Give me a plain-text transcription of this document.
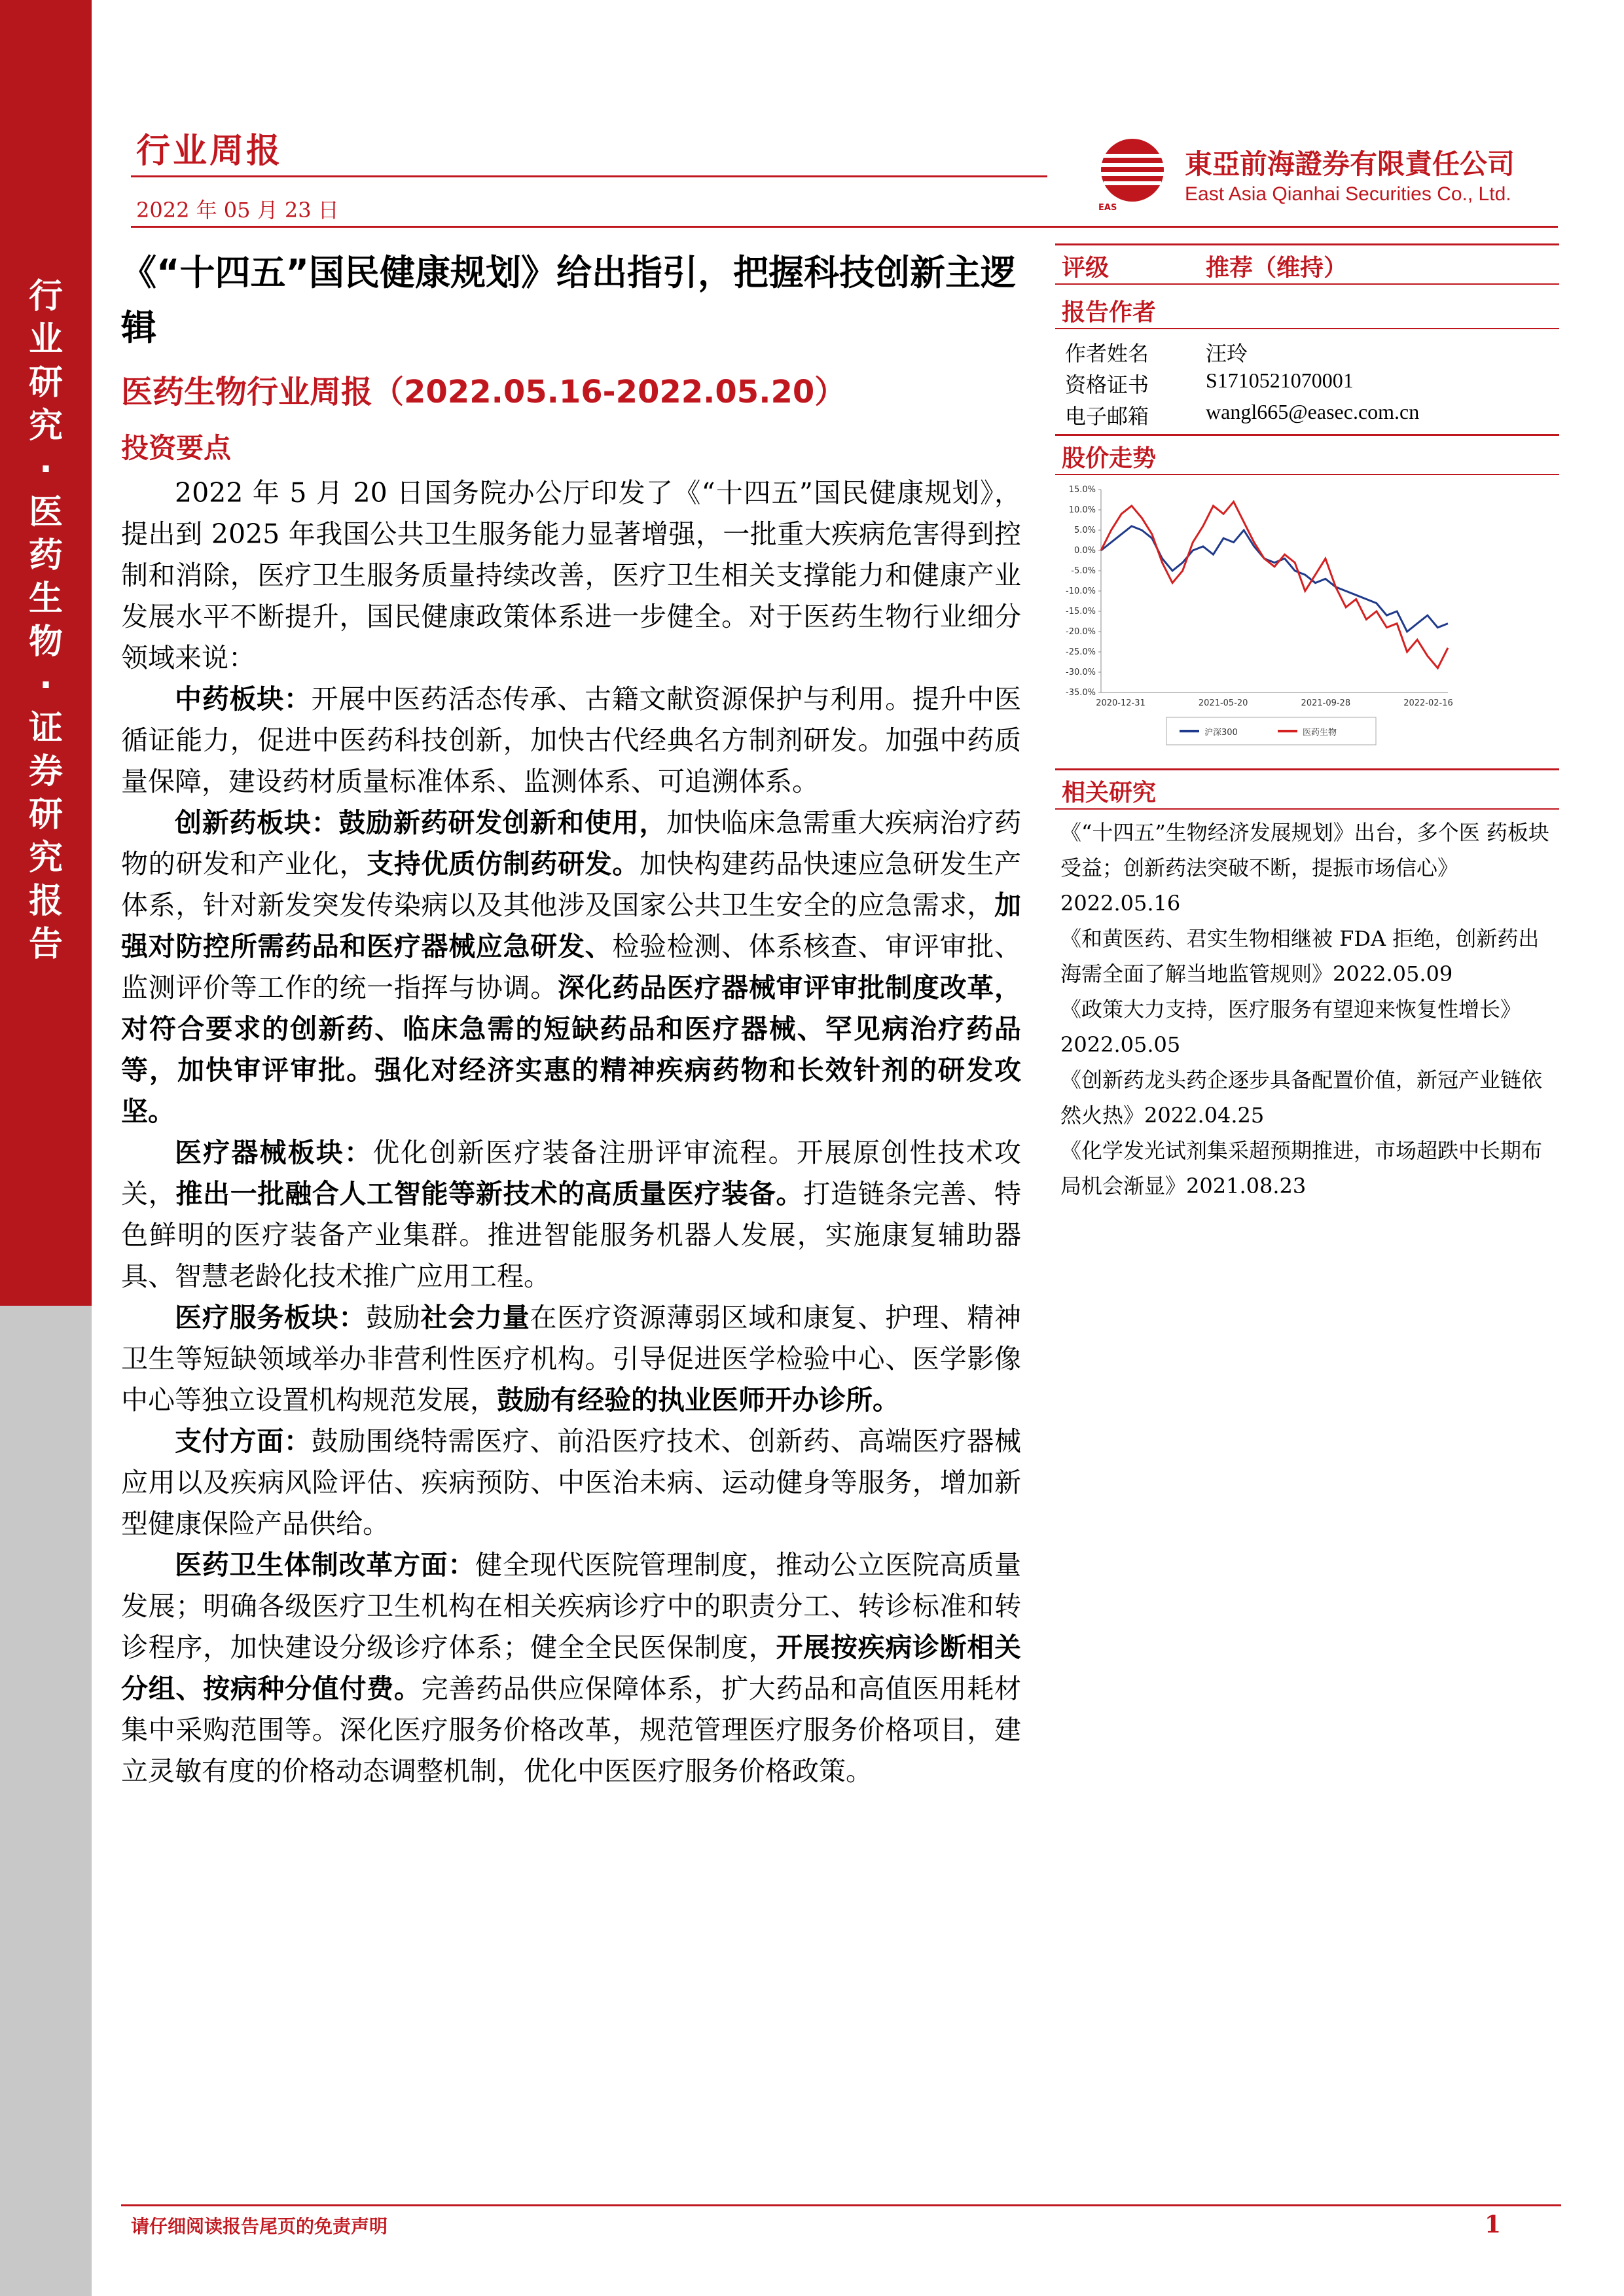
行
业
研
究
·
医
药
生
物
·
证
券
研
究
报
告
行业周报
2022 年 05 月 23 日	EAS
東亞前海證券有限責任公司
East Asia Qianhai Securities Co., Ltd.
《“十四五”国民健康规划》给出指引，把握科技创新主逻辑
医药生物行业周报（2022.05.16-2022.05.20）
投资要点

2022 年 5 月 20 日国务院办公厅印发了《“十四五”国民健康规划》，提出到 2025 年我国公共卫生服务能力显著增强，一批重大疾病危害得到控制和消除，医疗卫生服务质量持续改善，医疗卫生相关支撑能力和健康产业发展水平不断提升，国民健康政策体系进一步健全。对于医药生物行业细分领域来说：

中药板块：开展中医药活态传承、古籍文献资源保护与利用。提升中医循证能力，促进中医药科技创新，加快古代经典名方制剂研发。加强中药质量保障，建设药材质量标准体系、监测体系、可追溯体系。

创新药板块：鼓励新药研发创新和使用，加快临床急需重大疾病治疗药物的研发和产业化，支持优质仿制药研发。加快构建药品快速应急研发生产体系，针对新发突发传染病以及其他涉及国家公共卫生安全的应急需求，加强对防控所需药品和医疗器械应急研发、检验检测、体系核查、审评审批、监测评价等工作的统一指挥与协调。深化药品医疗器械审评审批制度改革，对符合要求的创新药、临床急需的短缺药品和医疗器械、罕见病治疗药品等，加快审评审批。强化对经济实惠的精神疾病药物和长效针剂的研发攻坚。

医疗器械板块：优化创新医疗装备注册评审流程。开展原创性技术攻关，推出一批融合人工智能等新技术的高质量医疗装备。打造链条完善、特色鲜明的医疗装备产业集群。推进智能服务机器人发展，实施康复辅助器具、智慧老龄化技术推广应用工程。

医疗服务板块：鼓励社会力量在医疗资源薄弱区域和康复、护理、精神卫生等短缺领域举办非营利性医疗机构。引导促进医学检验中心、医学影像中心等独立设置机构规范发展，鼓励有经验的执业医师开办诊所。

支付方面：鼓励围绕特需医疗、前沿医疗技术、创新药、高端医疗器械应用以及疾病风险评估、疾病预防、中医治未病、运动健身等服务，增加新型健康保险产品供给。

医药卫生体制改革方面：健全现代医院管理制度，推动公立医院高质量发展；明确各级医疗卫生机构在相关疾病诊疗中的职责分工、转诊标准和转诊程序，加快建设分级诊疗体系；健全全民医保制度，开展按疾病诊断相关分组、按病种分值付费。完善药品供应保障体系，扩大药品和高值医用耗材集中采购范围等。深化医疗服务价格改革，规范管理医疗服务价格项目，建立灵敏有度的价格动态调整机制，优化中医医疗服务价格政策。

评级	推荐（维持）
报告作者
作者姓名	汪玲
资格证书	S1710521070001
电子邮箱	wangl665@easec.com.cn
股价走势
15.0%
10.0%
5.0%
0.0%
-5.0%
-10.0%
-15.0%
-20.0%
-25.0%
-30.0%
-35.0%
2020-12-31	2021-05-20	2021-09-28	2022-02-16
沪深300	医药生物
相关研究
《“十四五”生物经济发展规划》出台，多个医 药板块受益；创新药法突破不断，提振市场信心》2022.05.16
《和黄医药、君实生物相继被 FDA 拒绝，创新药出海需全面了解当地监管规则》2022.05.09
《政策大力支持，医疗服务有望迎来恢复性增长》2022.05.05
《创新药龙头药企逐步具备配置价值，新冠产业链依然火热》2022.04.25
《化学发光试剂集采超预期推进，市场超跌中长期布局机会渐显》2021.08.23
请仔细阅读报告尾页的免责声明	1
